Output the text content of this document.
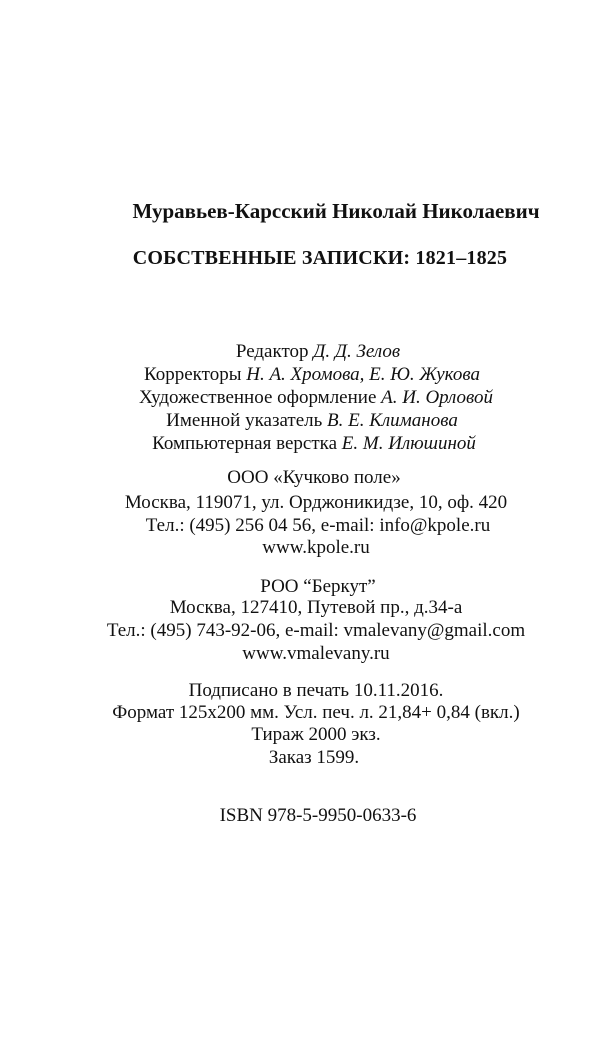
Муравьев-Карсский Николай Николаевич
СОБСТВЕННЫЕ ЗАПИСКИ: 1821–1825
Редактор Д. Д. Зелов
Корректоры Н. А. Хромова, Е. Ю. Жукова
Художественное оформление А. И. Орловой
Именной указатель В. Е. Климанова
Компьютерная верстка Е. М. Илюшиной
ООО «Кучково поле»
Москва, 119071, ул. Орджоникидзе, 10, оф. 420
Тел.: (495) 256 04 56, e-mail: info@kpole.ru
www.kpole.ru
РОО “Беркут”
Москва, 127410, Путевой пр., д.34-а
Тел.: (495) 743-92-06, e-mail: vmalevany@gmail.com
www.vmalevany.ru
Подписано в печать 10.11.2016.
Формат 125х200 мм. Усл. печ. л. 21,84+ 0,84 (вкл.)
Тираж 2000 экз.
Заказ 1599.
ISBN 978-5-9950-0633-6
